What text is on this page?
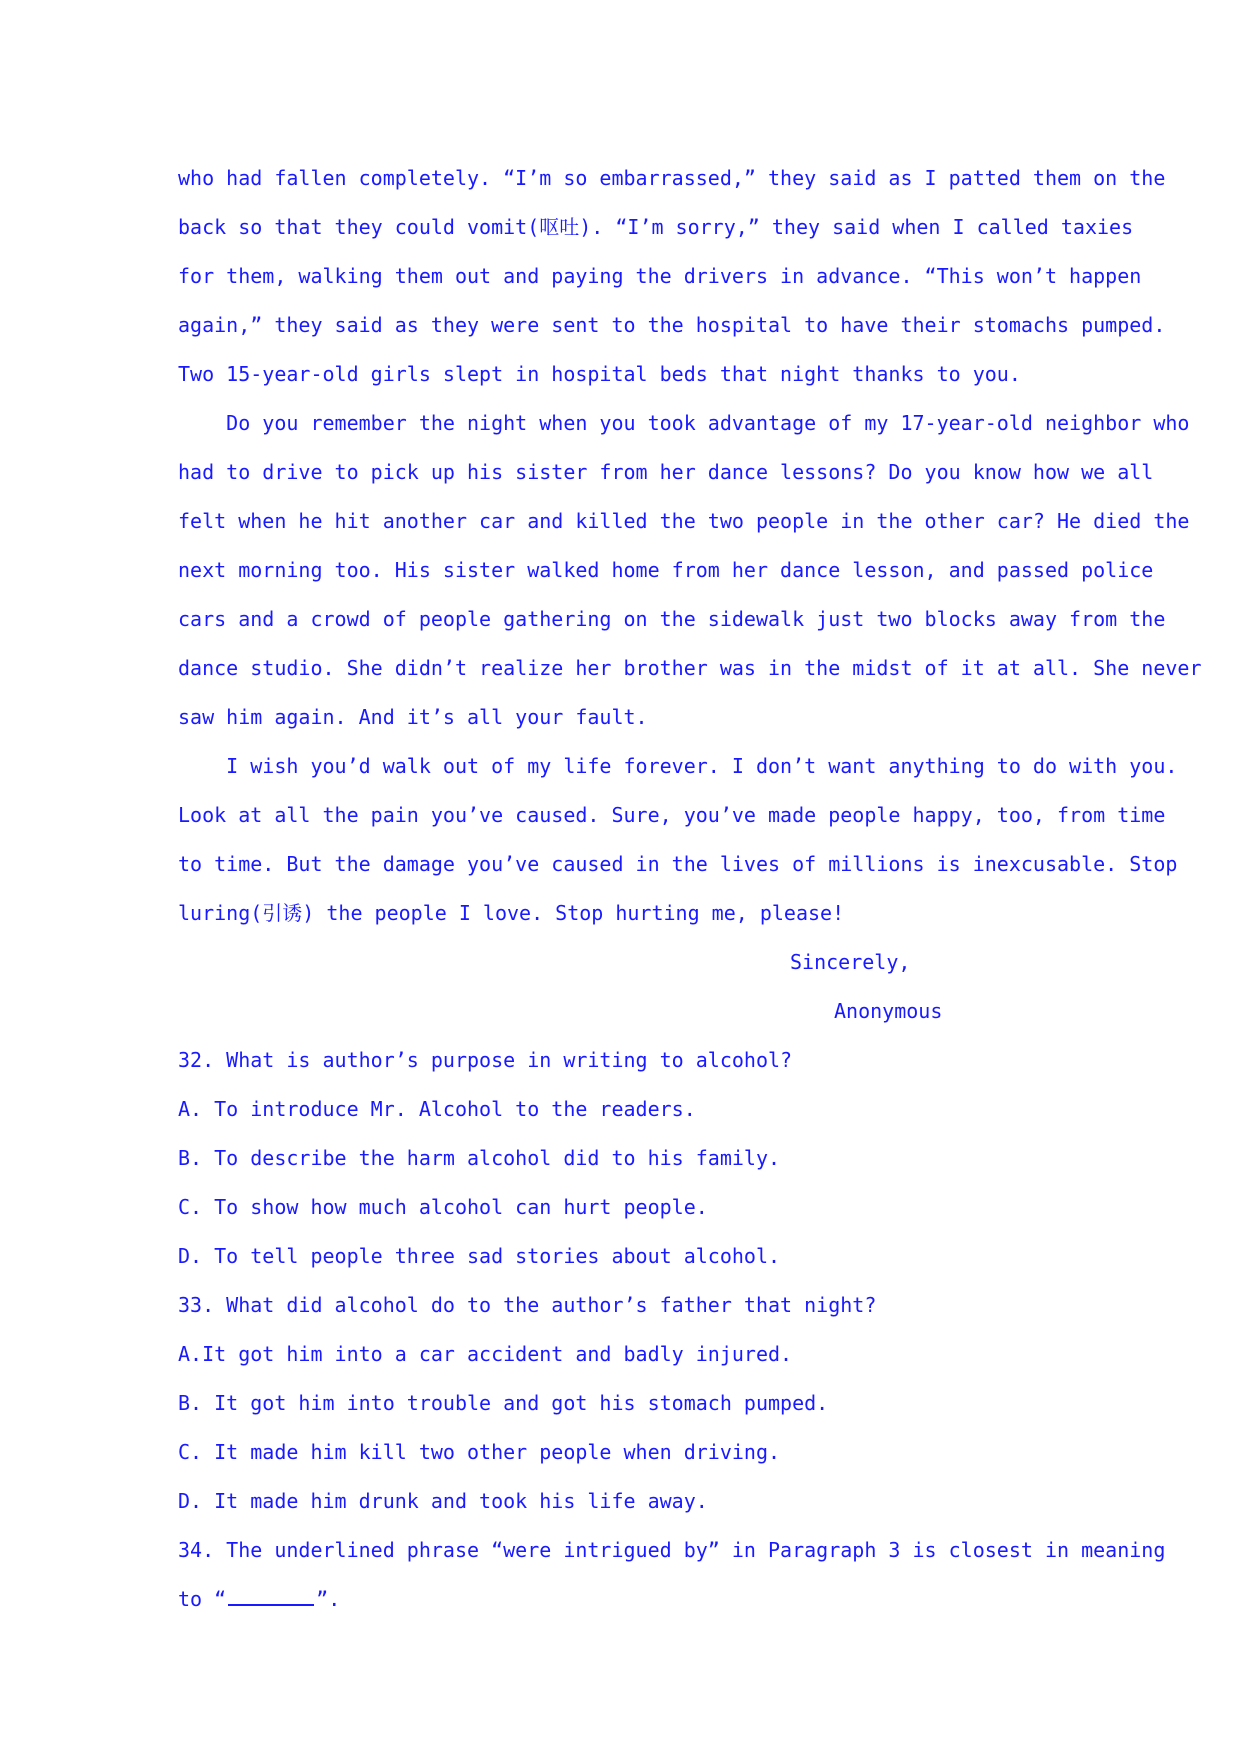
who had fallen completely. “I’m so embarrassed,” they said as I patted them on the
back so that they could vomit(呕吐). “I’m sorry,” they said when I called taxies
for them, walking them out and paying the drivers in advance. “This won’t happen
again,” they said as they were sent to the hospital to have their stomachs pumped.
Two 15-year-old girls slept in hospital beds that night thanks to you.
Do you remember the night when you took advantage of my 17-year-old neighbor who
had to drive to pick up his sister from her dance lessons? Do you know how we all
felt when he hit another car and killed the two people in the other car? He died the
next morning too. His sister walked home from her dance lesson, and passed police
cars and a crowd of people gathering on the sidewalk just two blocks away from the
dance studio. She didn’t realize her brother was in the midst of it at all. She never
saw him again. And it’s all your fault.
I wish you’d walk out of my life forever. I don’t want anything to do with you.
Look at all the pain you’ve caused. Sure, you’ve made people happy, too, from time
to time. But the damage you’ve caused in the lives of millions is inexcusable. Stop
luring(引诱) the people I love. Stop hurting me, please!

Sincerely,

Anonymous

32. What is author’s purpose in writing to alcohol?
A. To introduce Mr. Alcohol to the readers.
B. To describe the harm alcohol did to his family.
C. To show how much alcohol can hurt people.
D. To tell people three sad stories about alcohol.
33. What did alcohol do to the author’s father that night?
A.It got him into a car accident and badly injured.
B. It got him into trouble and got his stomach pumped.
C. It made him kill two other people when driving.
D. It made him drunk and took his life away.
34. The underlined phrase “were intrigued by” in Paragraph 3 is closest in meaning
to “	”.
